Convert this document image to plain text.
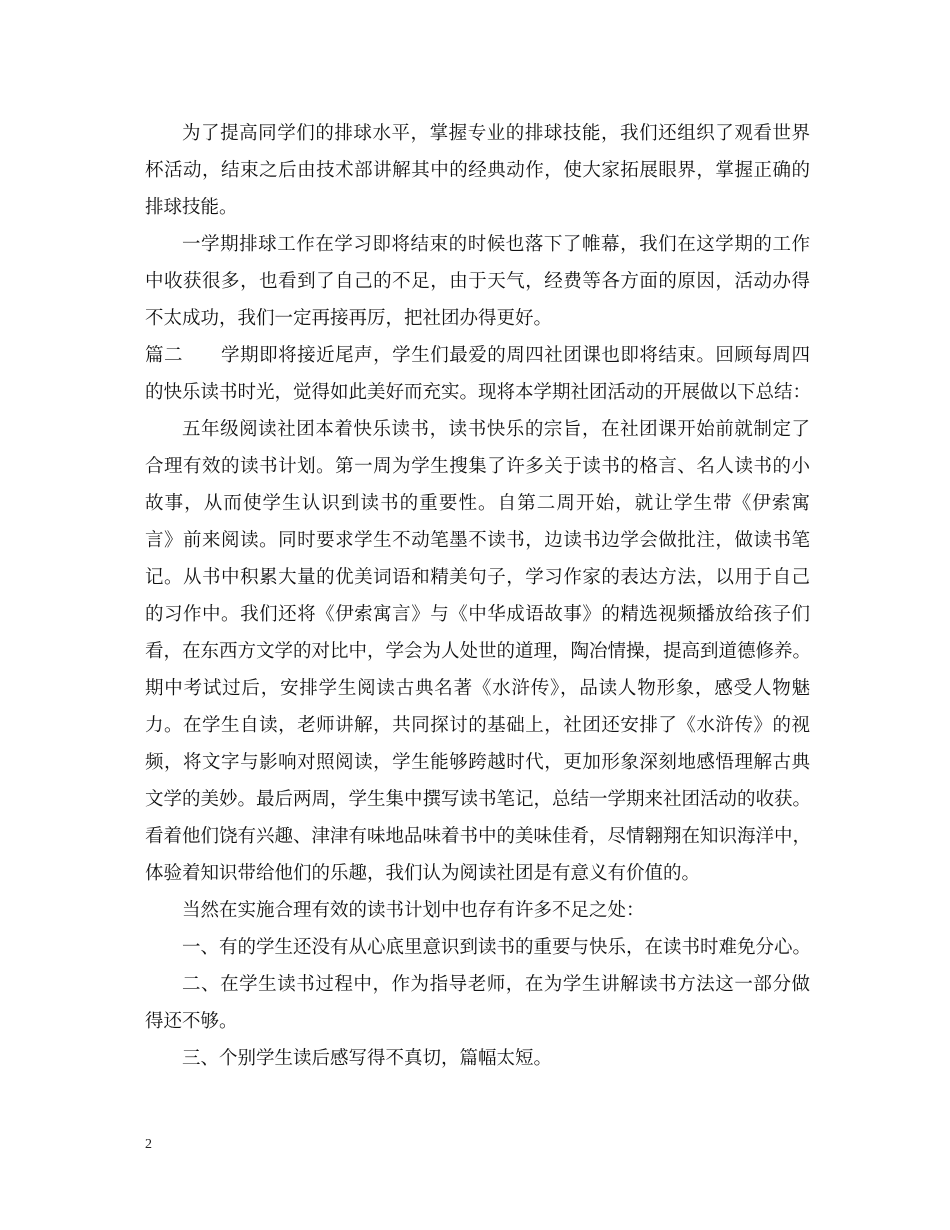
为了提高同学们的排球水平，掌握专业的排球技能，我们还组织了观看世界
杯活动，结束之后由技术部讲解其中的经典动作，使大家拓展眼界，掌握正确的
排球技能。
一学期排球工作在学习即将结束的时候也落下了帷幕，我们在这学期的工作
中收获很多，也看到了自己的不足，由于天气，经费等各方面的原因，活动办得
不太成功，我们一定再接再厉，把社团办得更好。
篇二　　学期即将接近尾声，学生们最爱的周四社团课也即将结束。回顾每周四
的快乐读书时光，觉得如此美好而充实。现将本学期社团活动的开展做以下总结：
五年级阅读社团本着快乐读书，读书快乐的宗旨，在社团课开始前就制定了
合理有效的读书计划。第一周为学生搜集了许多关于读书的格言、名人读书的小
故事，从而使学生认识到读书的重要性。自第二周开始，就让学生带《伊索寓
言》前来阅读。同时要求学生不动笔墨不读书，边读书边学会做批注，做读书笔
记。从书中积累大量的优美词语和精美句子，学习作家的表达方法，以用于自己
的习作中。我们还将《伊索寓言》与《中华成语故事》的精选视频播放给孩子们
看，在东西方文学的对比中，学会为人处世的道理，陶冶情操，提高到道德修养。
期中考试过后，安排学生阅读古典名著《水浒传》，品读人物形象，感受人物魅
力。在学生自读，老师讲解，共同探讨的基础上，社团还安排了《水浒传》的视
频，将文字与影响对照阅读，学生能够跨越时代，更加形象深刻地感悟理解古典
文学的美妙。最后两周，学生集中撰写读书笔记，总结一学期来社团活动的收获。
看着他们饶有兴趣、津津有味地品味着书中的美味佳肴，尽情翱翔在知识海洋中，
体验着知识带给他们的乐趣，我们认为阅读社团是有意义有价值的。
当然在实施合理有效的读书计划中也存有许多不足之处：
一、有的学生还没有从心底里意识到读书的重要与快乐，在读书时难免分心。
二、在学生读书过程中，作为指导老师，在为学生讲解读书方法这一部分做
得还不够。
三、个别学生读后感写得不真切，篇幅太短。
2
